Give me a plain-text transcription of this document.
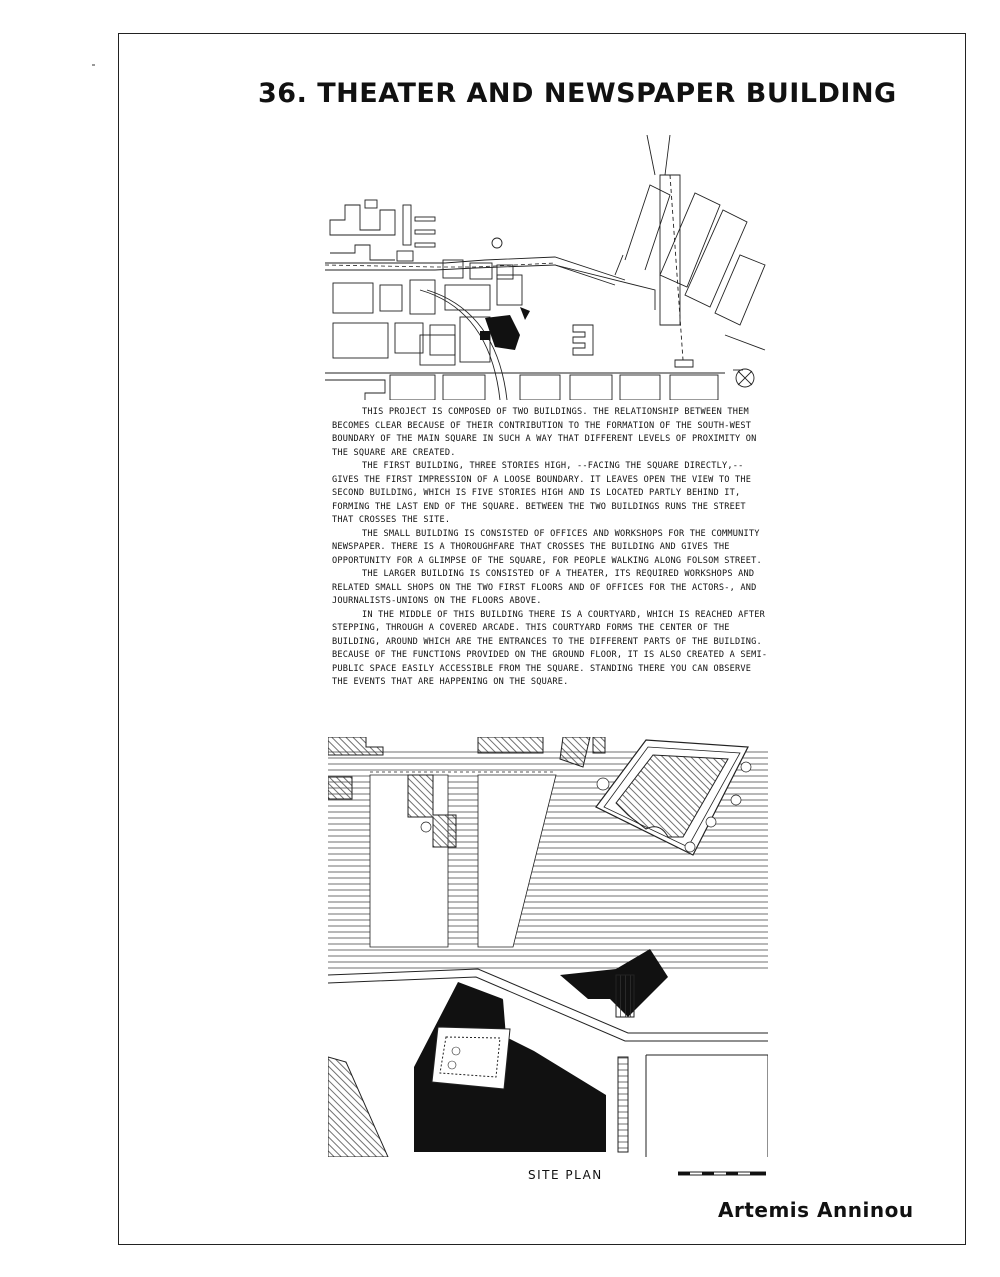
36. THEATER AND NEWSPAPER BUILDING

THIS PROJECT IS COMPOSED OF TWO BUILDINGS. THE RELATIONSHIP BETWEEN THEM BECOMES CLEAR BECAUSE OF THEIR CONTRIBUTION TO THE FORMATION OF THE SOUTH-WEST BOUNDARY OF THE MAIN SQUARE IN SUCH A WAY THAT DIFFERENT LEVELS OF PROXIMITY ON THE SQUARE ARE CREATED.

THE FIRST BUILDING, THREE STORIES HIGH, --FACING THE SQUARE DIRECTLY,-- GIVES THE FIRST IMPRESSION OF A LOOSE BOUNDARY. IT LEAVES OPEN THE VIEW TO THE SECOND BUILDING, WHICH IS FIVE STORIES HIGH AND IS LOCATED PARTLY BEHIND IT, FORMING THE LAST END OF THE SQUARE. BETWEEN THE TWO BUILDINGS RUNS THE STREET THAT CROSSES THE SITE.

THE SMALL BUILDING IS CONSISTED OF OFFICES AND WORKSHOPS FOR THE COMMUNITY NEWSPAPER. THERE IS A THOROUGHFARE THAT CROSSES THE BUILDING AND GIVES THE OPPORTUNITY FOR A GLIMPSE OF THE SQUARE, FOR PEOPLE WALKING ALONG FOLSOM STREET.

THE LARGER BUILDING IS CONSISTED OF A THEATER, ITS REQUIRED WORKSHOPS AND RELATED SMALL SHOPS ON THE TWO FIRST FLOORS AND OF OFFICES FOR THE ACTORS-, AND JOURNALISTS-UNIONS ON THE FLOORS ABOVE.

IN THE MIDDLE OF THIS BUILDING THERE IS A COURTYARD, WHICH IS REACHED AFTER STEPPING, THROUGH A COVERED ARCADE. THIS COURTYARD FORMS THE CENTER OF THE BUILDING, AROUND WHICH ARE THE ENTRANCES TO THE DIFFERENT PARTS OF THE BUILDING. BECAUSE OF THE FUNCTIONS PROVIDED ON THE GROUND FLOOR, IT IS ALSO CREATED A SEMI-PUBLIC SPACE EASILY ACCESSIBLE FROM THE SQUARE. STANDING THERE YOU CAN OBSERVE THE EVENTS THAT ARE HAPPENING ON THE SQUARE.

SITE PLAN
Artemis Anninou
